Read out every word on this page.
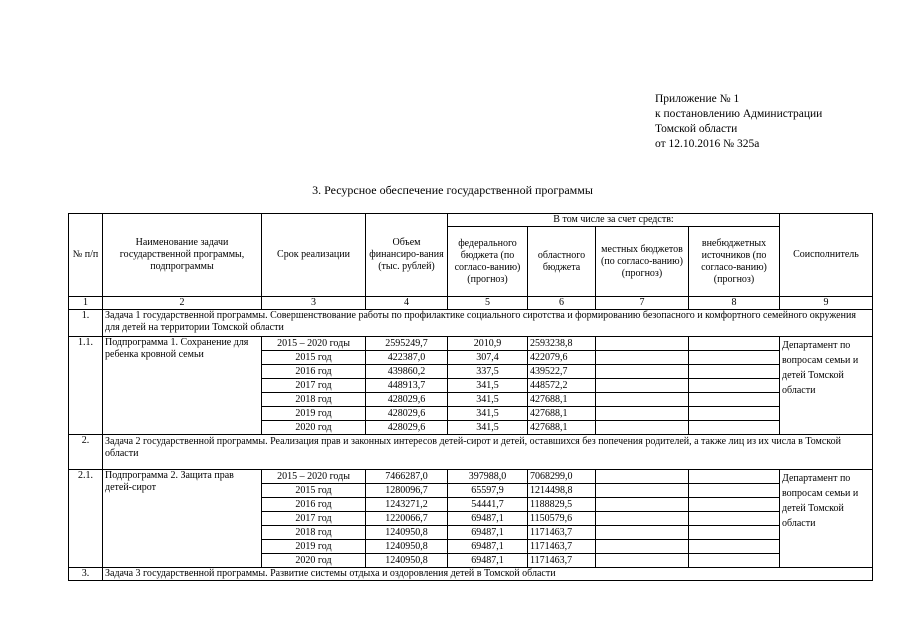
Приложение № 1
к постановлению Администрации
Томской области
от 12.10.2016 № 325а
3. Ресурсное обеспечение государственной программы
№ п/п	Наименование задачи государственной программы, подпрограммы	Срок реализации	Объем финансиро-вания (тыс. рублей)	В том числе за счет средств:				Соисполнитель
				федерального бюджета (по согласо-ванию) (прогноз)	областного бюджета	местных бюджетов (по согласо-ванию) (прогноз)	внебюджетных источников (по согласо-ванию) (прогноз)	
1	2	3	4	5	6	7	8	9
1.	Задача 1 государственной программы. Совершенствование работы по профилактике социального сиротства и формированию безопасного и комфортного семейного окружения для детей на территории Томской области							
1.1.	Подпрограмма 1. Сохранение для ребенка кровной семьи	2015 – 2020 годы	2595249,7	2010,9	2593238,8			Департамент по вопросам семьи и детей Томской области
		2015 год	422387,0	307,4	422079,6			
		2016 год	439860,2	337,5	439522,7			
		2017 год	448913,7	341,5	448572,2			
		2018 год	428029,6	341,5	427688,1			
		2019 год	428029,6	341,5	427688,1			
		2020 год	428029,6	341,5	427688,1			
2.	Задача 2 государственной программы. Реализация прав и законных интересов детей-сирот и детей, оставшихся без попечения родителей, а также лиц из их числа в Томской области							
2.1.	Подпрограмма 2. Защита прав детей-сирот	2015 – 2020 годы	7466287,0	397988,0	7068299,0			Департамент по вопросам семьи и детей Томской области
		2015 год	1280096,7	65597,9	1214498,8			
		2016 год	1243271,2	54441,7	1188829,5			
		2017 год	1220066,7	69487,1	1150579,6			
		2018 год	1240950,8	69487,1	1171463,7			
		2019 год	1240950,8	69487,1	1171463,7			
		2020 год	1240950,8	69487,1	1171463,7			
3.	Задача 3 государственной программы. Развитие системы отдыха и оздоровления детей в Томской области							
